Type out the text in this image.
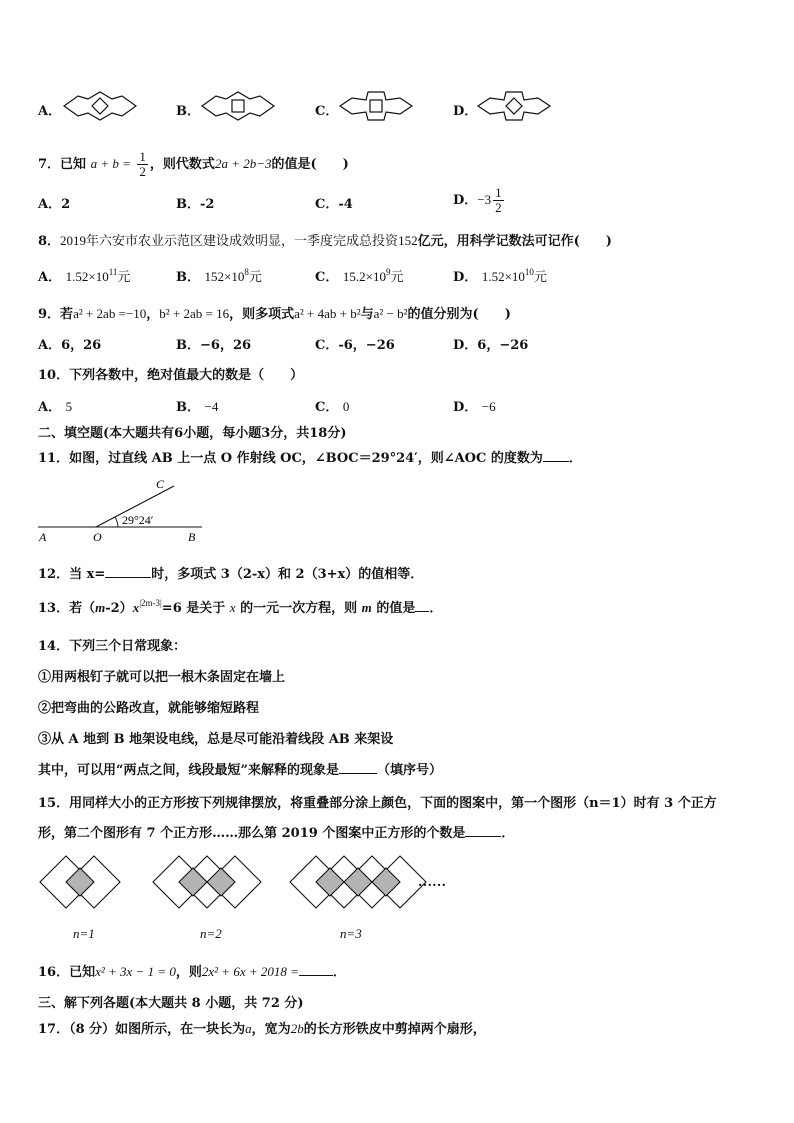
A．	B．	C．	D．
7．已知 $a + b = \frac{1}{2}$ ，则代数式2a + 2b−3的值是(　　)
A．2	B．-2	C．-4	D．$-3 \frac{1}{2}$
8．2019年六安市农业示范区建设成效明显，一季度完成总投资152亿元，用科学记数法可记作(　　)
A． $1.52\times 10^{11}$元	B． $152\times 10^8$元	C． $15.2\times 10^9$元	D． $1.52\times 10^{10}$元
9．若a² + 2ab =−10，b² + 2ab = 16，则多项式a² + 4ab + b²与a² − b²的值分别为(　　)
A．6，26	B．−6，26	C．-6，−26	D．6，−26
10．下列各数中，绝对值最大的数是（　　）
A． 5	B． −4	C． 0	D． −6
二、填空题(本大题共有6小题，每小题3分，共18分)
11．如图，过直线 AB 上一点 O 作射线 OC，∠BOC＝29°24′，则∠AOC 的度数为 ．
C
29°24′
A	O	B
12．当 x=	时，多项式 3（2-x）和 2（3+x）的值相等．
13．若$(m-2)x^{|2m-3|}=6$ 是关于 x 的一元一次方程，则 m 的值是 ．
14．下列三个日常现象：
①用两根钉子就可以把一根木条固定在墙上
②把弯曲的公路改直，就能够缩短路程
③从 A 地到 B 地架设电线，总是尽可能沿着线段 AB 来架设
其中，可以用“两点之间，线段最短”来解释的现象是	（填序号）
15．用同样大小的正方形按下列规律摆放，将重叠部分涂上颜色，下面的图案中，第一个图形（n＝1）时有 3 个正方
形，第二个图形有 7 个正方形……那么第 2019 个图案中正方形的个数是	．
……
n=1	n=2	n=3
16．已知x² + 3x − 1 = 0，则2x² + 6x + 2018 =	．
三、解下列各题(本大题共 8 小题，共 72 分)
17．（8 分）如图所示，在一块长为a，宽为2b的长方形铁皮中剪掉两个扇形，
